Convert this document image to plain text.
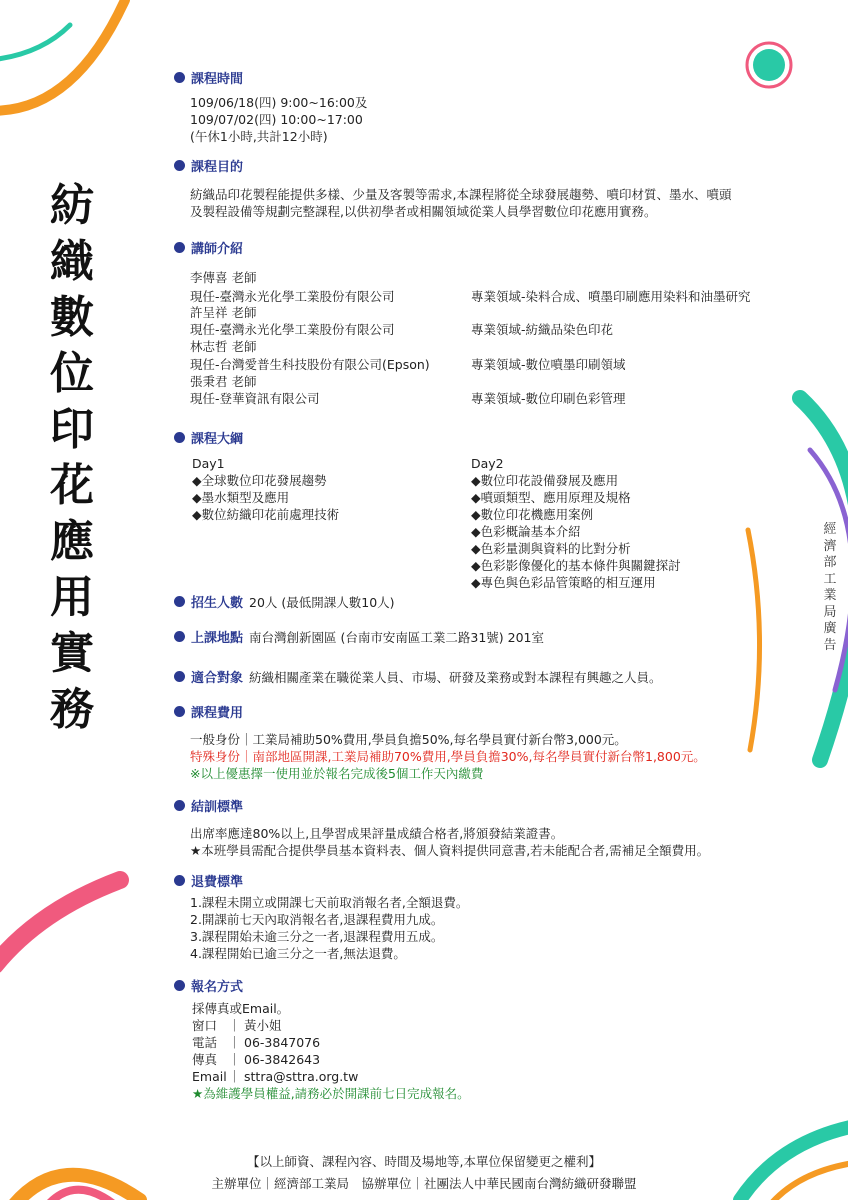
紡
織
數
位
印
花
應
用
實
務
經
濟
部
工
業
局
廣
告
課程時間
109/06/18(四) 9:00~16:00及
109/07/02(四) 10:00~17:00
(午休1小時,共計12小時)
課程目的
紡織品印花製程能提供多樣、少量及客製等需求,本課程將從全球發展趨勢、噴印材質、墨水、噴頭
及製程設備等規劃完整課程,以供初學者或相關領域從業人員學習數位印花應用實務。
講師介紹
李傳喜 老師
現任-臺灣永光化學工業股份有限公司	專業領域-染料合成、噴墨印刷應用染料和油墨研究
許呈祥 老師
現任-臺灣永光化學工業股份有限公司	專業領域-紡織品染色印花
林志哲 老師
現任-台灣愛普生科技股份有限公司(Epson)	專業領域-數位噴墨印刷領域
張秉君 老師
現任-登華資訊有限公司	專業領域-數位印刷色彩管理
課程大綱
Day1
◆全球數位印花發展趨勢
◆墨水類型及應用
◆數位紡織印花前處理技術
Day2
◆數位印花設備發展及應用
◆噴頭類型、應用原理及規格
◆數位印花機應用案例
◆色彩概論基本介紹
◆色彩量測與資料的比對分析
◆色彩影像優化的基本條件與關鍵探討
◆專色與色彩品管策略的相互運用
招生人數 20人 (最低開課人數10人)
上課地點 南台灣創新園區 (台南市安南區工業二路31號) 201室
適合對象 紡織相關產業在職從業人員、市場、研發及業務或對本課程有興趣之人員。
課程費用
一般身份｜工業局補助50%費用,學員負擔50%,每名學員實付新台幣3,000元。
特殊身份｜南部地區開課,工業局補助70%費用,學員負擔30%,每名學員實付新台幣1,800元。
※以上優惠擇一使用並於報名完成後5個工作天內繳費
結訓標準
出席率應達80%以上,且學習成果評量成績合格者,將頒發結業證書。
★本班學員需配合提供學員基本資料表、個人資料提供同意書,若未能配合者,需補足全額費用。
退費標準
1.課程未開立或開課七天前取消報名者,全額退費。
2.開課前七天內取消報名者,退課程費用九成。
3.課程開始未逾三分之一者,退課程費用五成。
4.課程開始已逾三分之一者,無法退費。
報名方式
採傳真或Email。
窗口 ｜ 黃小姐
電話 ｜ 06-3847076
傳真 ｜ 06-3842643
Email ｜ sttra@sttra.org.tw
★為維護學員權益,請務必於開課前七日完成報名。
【以上師資、課程內容、時間及場地等,本單位保留變更之權利】
主辦單位｜經濟部工業局　協辦單位｜社團法人中華民國南台灣紡織研發聯盟
